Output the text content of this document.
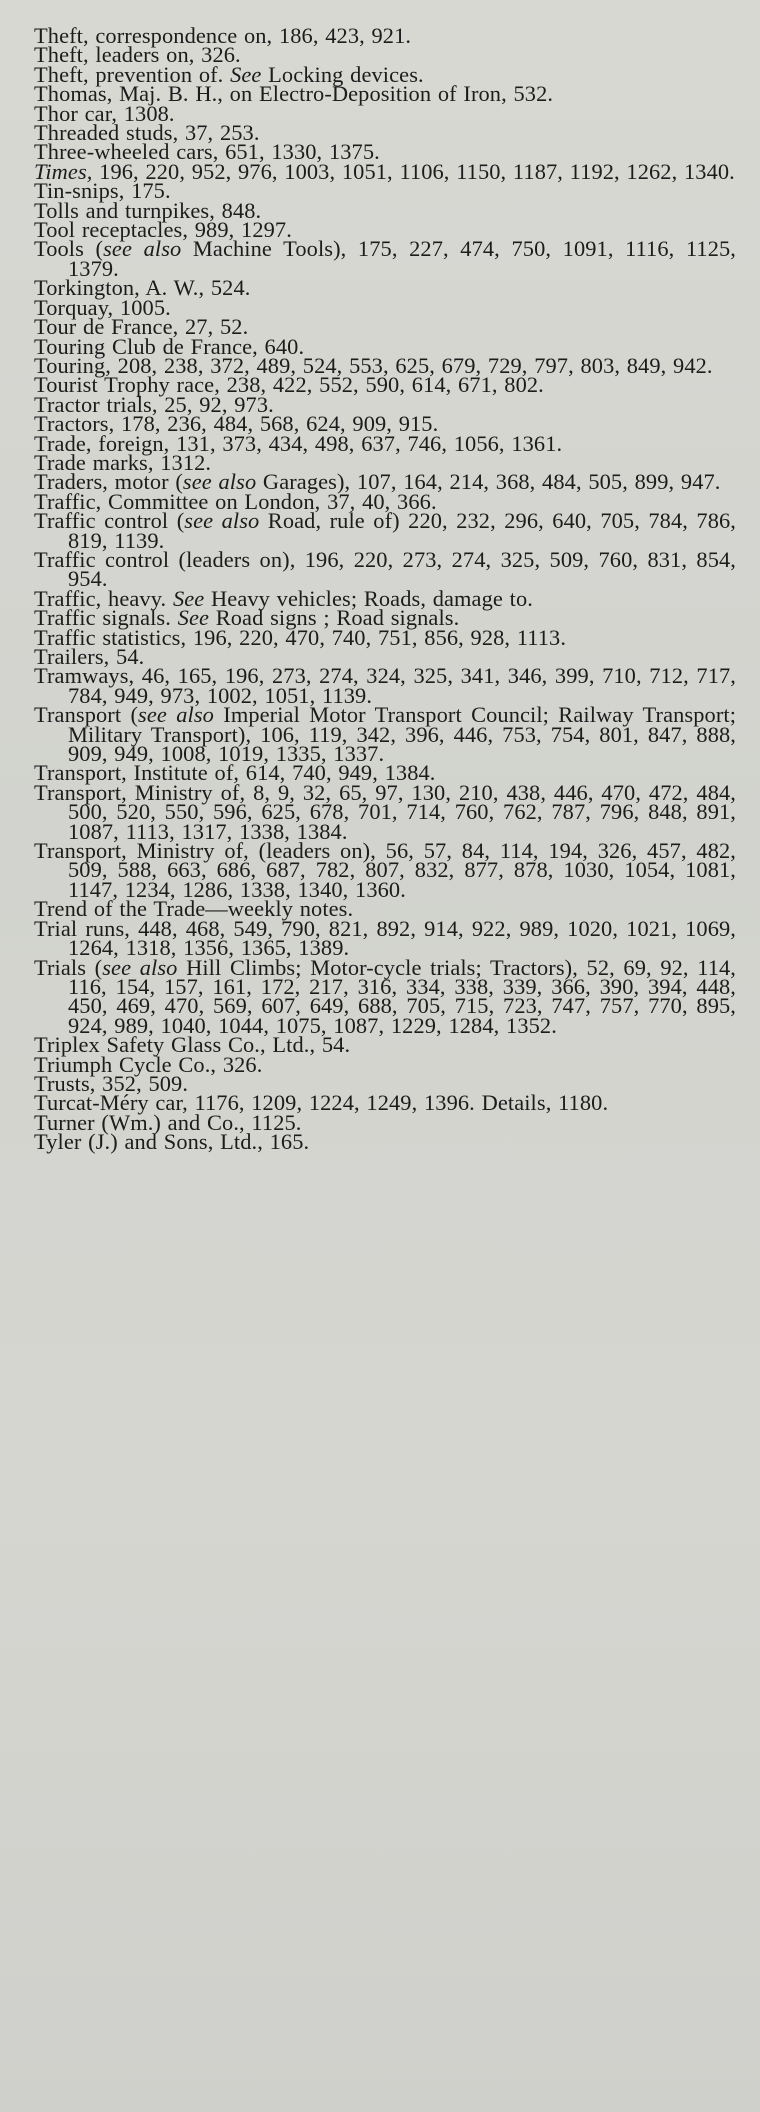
Theft, correspondence on, 186, 423, 921.
Theft, leaders on, 326.
Theft, prevention of. See Locking devices.
Thomas, Maj. B. H., on Electro-Deposition of Iron, 532.
Thor car, 1308.
Threaded studs, 37, 253.
Three-wheeled cars, 651, 1330, 1375.
Times, 196, 220, 952, 976, 1003, 1051, 1106, 1150, 1187, 1192, 1262, 1340.
Tin-snips, 175.
Tolls and turnpikes, 848.
Tool receptacles, 989, 1297.
Tools (see also Machine Tools), 175, 227, 474, 750, 1091, 1116, 1125, 1379.
Torkington, A. W., 524.
Torquay, 1005.
Tour de France, 27, 52.
Touring Club de France, 640.
Touring, 208, 238, 372, 489, 524, 553, 625, 679, 729, 797, 803, 849, 942.
Tourist Trophy race, 238, 422, 552, 590, 614, 671, 802.
Tractor trials, 25, 92, 973.
Tractors, 178, 236, 484, 568, 624, 909, 915.
Trade, foreign, 131, 373, 434, 498, 637, 746, 1056, 1361.
Trade marks, 1312.
Traders, motor (see also Garages), 107, 164, 214, 368, 484, 505, 899, 947.
Traffic, Committee on London, 37, 40, 366.
Traffic control (see also Road, rule of) 220, 232, 296, 640, 705, 784, 786, 819, 1139.
Traffic control (leaders on), 196, 220, 273, 274, 325, 509, 760, 831, 854, 954.
Traffic, heavy. See Heavy vehicles; Roads, damage to.
Traffic signals. See Road signs ; Road signals.
Traffic statistics, 196, 220, 470, 740, 751, 856, 928, 1113.
Trailers, 54.
Tramways, 46, 165, 196, 273, 274, 324, 325, 341, 346, 399, 710, 712, 717, 784, 949, 973, 1002, 1051, 1139.
Transport (see also Imperial Motor Transport Council; Railway Transport; Military Transport), 106, 119, 342, 396, 446, 753, 754, 801, 847, 888, 909, 949, 1008, 1019, 1335, 1337.
Transport, Institute of, 614, 740, 949, 1384.
Transport, Ministry of, 8, 9, 32, 65, 97, 130, 210, 438, 446, 470, 472, 484, 500, 520, 550, 596, 625, 678, 701, 714, 760, 762, 787, 796, 848, 891, 1087, 1113, 1317, 1338, 1384.
Transport, Ministry of, (leaders on), 56, 57, 84, 114, 194, 326, 457, 482, 509, 588, 663, 686, 687, 782, 807, 832, 877, 878, 1030, 1054, 1081, 1147, 1234, 1286, 1338, 1340, 1360.
Trend of the Trade—weekly notes.
Trial runs, 448, 468, 549, 790, 821, 892, 914, 922, 989, 1020, 1021, 1069, 1264, 1318, 1356, 1365, 1389.
Trials (see also Hill Climbs; Motor-cycle trials; Tractors), 52, 69, 92, 114, 116, 154, 157, 161, 172, 217, 316, 334, 338, 339, 366, 390, 394, 448, 450, 469, 470, 569, 607, 649, 688, 705, 715, 723, 747, 757, 770, 895, 924, 989, 1040, 1044, 1075, 1087, 1229, 1284, 1352.
Triplex Safety Glass Co., Ltd., 54.
Triumph Cycle Co., 326.
Trusts, 352, 509.
Turcat-Méry car, 1176, 1209, 1224, 1249, 1396. Details, 1180.
Turner (Wm.) and Co., 1125.
Tyler (J.) and Sons, Ltd., 165.
